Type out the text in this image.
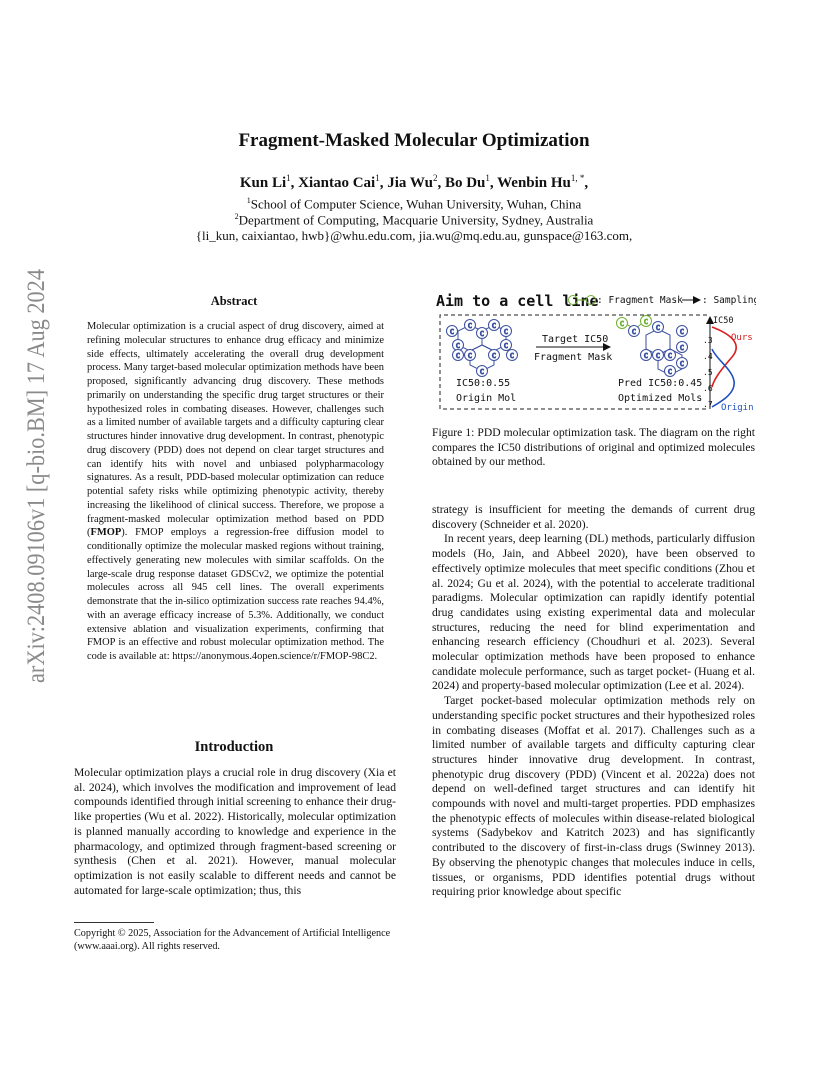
arXiv:2408.09106v1 [q-bio.BM] 17 Aug 2024
Fragment-Masked Molecular Optimization
Kun Li$^1$, Xiantao Cai$^1$, Jia Wu$^2$, Bo Du$^1$, Wenbin $Hu^{1, *}$,
$^1$School of Computer Science, Wuhan University, Wuhan, China
$^2$Department of Computing, Macquarie University, Sydney, Australia
{li_kun, caixiantao, hwb}@whu.edu.com, jia.wu@mq.edu.au, gunspace@163.com,
Abstract

Molecular optimization is a crucial aspect of drug discovery, aimed at refining molecular structures to enhance drug efficacy and minimize side effects, ultimately accelerating the overall drug development process. Many target-based molecular optimization methods have been proposed, significantly advancing drug discovery. These methods primarily on understanding the specific drug target structures or their hypothesized roles in combating diseases. However, challenges such as a limited number of available targets and a difficulty capturing clear structures hinder innovative drug development. In contrast, phenotypic drug discovery (PDD) does not depend on clear target structures and can identify hits with novel and unbiased polypharmacology signatures. As a result, PDD-based molecular optimization can reduce potential safety risks while optimizing phenotypic activity, thereby increasing the likelihood of clinical success. Therefore, we propose a fragment-masked molecular optimization method based on PDD (FMOP). FMOP employs a regression-free diffusion model to conditionally optimize the molecular masked regions without training, effectively generating new molecules with similar scaffolds. On the large-scale drug response dataset GDSCv2, we optimize the potential molecules across all 945 cell lines. The overall experiments demonstrate that the in-silico optimization success rate reaches 94.4%, with an average efficacy increase of 5.3%. Additionally, we conduct extensive ablation and visualization experiments, confirming that FMOP is an effective and robust molecular optimization method. The code is available at: https://anonymous.4open.science/r/FMOP-98C2.

Introduction

Molecular optimization plays a crucial role in drug discovery (Xia et al. 2024), which involves the modification and improvement of lead compounds identified through initial screening to enhance their drug-like properties (Wu et al. 2022). Historically, molecular optimization is planned manually according to knowledge and experience in the pharmacology, and optimized through fragment-based screening or synthesis (Chen et al. 2021). However, manual molecular optimization is not easily scalable to different needs and cannot be automated for large-scale optimization; thus, this

Copyright © 2025, Association for the Advancement of Artificial Intelligence (www.aaai.org). All rights reserved.
Aim to a cell line
: Fragment Mask : Sampling
C	C
C	C
C
C	C
C	C
C	C
C
IC50:0.55
Origin Mol
Target IC50
Fragment Mask
C	C
C	C	C
C C C
C
C
C
Pred IC50:0.45
Optimized Mols
IC50
.3
.4
.5
.6
.7
Ours
Origin
Figure 1: PDD molecular optimization task. The diagram on the right compares the IC50 distributions of original and optimized molecules obtained by our method.

strategy is insufficient for meeting the demands of current drug discovery (Schneider et al. 2020).

In recent years, deep learning (DL) methods, particularly diffusion models (Ho, Jain, and Abbeel 2020), have been observed to effectively optimize molecules that meet specific conditions (Zhou et al. 2024; Gu et al. 2024), with the potential to accelerate traditional paradigms. Molecular optimization can rapidly identify potential drug candidates using existing experimental data and molecular structures, reducing the need for blind experimentation and enhancing research efficiency (Choudhuri et al. 2023). Several molecular optimization methods have been proposed to enhance candidate molecule performance, such as target pocket- (Huang et al. 2024) and property-based molecular optimization (Lee et al. 2024).

Target pocket-based molecular optimization methods rely on understanding specific pocket structures and their hypothesized roles in combating diseases (Moffat et al. 2017). Challenges such as a limited number of available targets and difficulty capturing clear structures hinder innovative drug development. In contrast, phenotypic drug discovery (PDD) (Vincent et al. 2022a) does not depend on well-defined target structures and can identify hit compounds with novel and multi-target properties. PDD emphasizes the phenotypic effects of molecules within disease-related biological systems (Sadybekov and Katritch 2023) and has significantly contributed to the discovery of first-in-class drugs (Swinney 2013). By observing the phenotypic changes that molecules induce in cells, tissues, or organisms, PDD identifies potential drugs without requiring prior knowledge about specific
